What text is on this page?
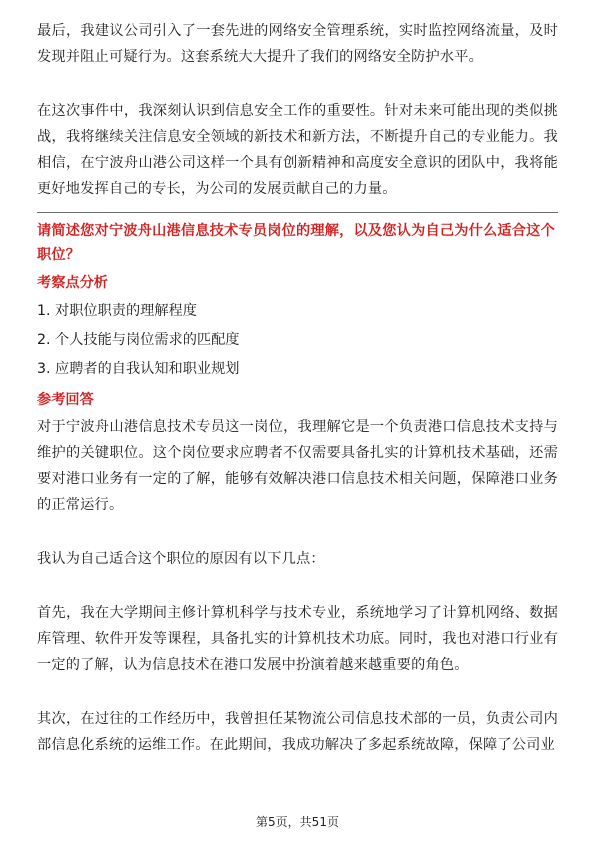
最后，我建议公司引入了一套先进的网络安全管理系统，实时监控网络流量，及时发现并阻止可疑行为。这套系统大大提升了我们的网络安全防护水平。

在这次事件中，我深刻认识到信息安全工作的重要性。针对未来可能出现的类似挑战，我将继续关注信息安全领域的新技术和新方法，不断提升自己的专业能力。我相信，在宁波舟山港公司这样一个具有创新精神和高度安全意识的团队中，我将能更好地发挥自己的专长，为公司的发展贡献自己的力量。

请简述您对宁波舟山港信息技术专员岗位的理解，以及您认为自己为什么适合这个职位？

考察点分析

1. 对职位职责的理解程度

2. 个人技能与岗位需求的匹配度

3. 应聘者的自我认知和职业规划

参考回答

对于宁波舟山港信息技术专员这一岗位，我理解它是一个负责港口信息技术支持与维护的关键职位。这个岗位要求应聘者不仅需要具备扎实的计算机技术基础，还需要对港口业务有一定的了解，能够有效解决港口信息技术相关问题，保障港口业务的正常运行。

我认为自己适合这个职位的原因有以下几点：

首先，我在大学期间主修计算机科学与技术专业，系统地学习了计算机网络、数据库管理、软件开发等课程，具备扎实的计算机技术功底。同时，我也对港口行业有一定的了解，认为信息技术在港口发展中扮演着越来越重要的角色。

其次，在过往的工作经历中，我曾担任某物流公司信息技术部的一员，负责公司内部信息化系统的运维工作。在此期间，我成功解决了多起系统故障，保障了公司业

第5页，共51页
